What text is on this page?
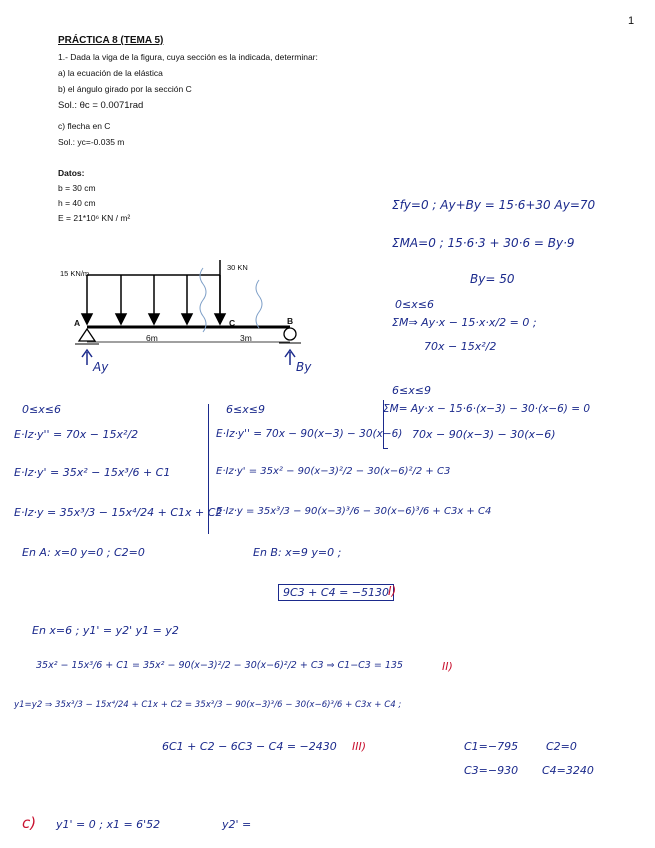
1
PRÁCTICA 8 (TEMA 5)
1.- Dada la viga de la figura, cuya sección es la indicada, determinar:
a) la ecuación de la elástica
b) el ángulo girado por la sección C
Sol.: θc = 0.0071rad
c) flecha en C
Sol.: yc=-0.035 m
Datos:
b = 30 cm
h = 40 cm
E = 21*10⁶ KN / m²
15 KN/m
30 KN
A	C	B
6m	3m
Ay	By
Σfy=0 ; Ay+By = 15·6+30 Ay=70
ΣMA=0 ; 15·6·3 + 30·6 = By·9
By= 50
0≤x≤6
ΣM⇒ Ay·x − 15·x·x/2 = 0 ;
70x − 15x²/2
6≤x≤9
ΣM= Ay·x − 15·6·(x−3) − 30·(x−6) = 0
70x − 90(x−3) − 30(x−6)
0≤x≤6
E·Iz·y'' = 70x − 15x²/2
E·Iz·y' = 35x² − 15x³/6 + C1
E·Iz·y = 35x³/3 − 15x⁴/24 + C1x + C2
6≤x≤9
E·Iz·y'' = 70x − 90(x−3) − 30(x−6)
E·Iz·y' = 35x² − 90(x−3)²/2 − 30(x−6)²/2 + C3
E·Iz·y = 35x³/3 − 90(x−3)³/6 − 30(x−6)³/6 + C3x + C4
En A: x=0 y=0 ; C2=0	En B: x=9 y=0 ;
9C3 + C4 = −5130 I)
En x=6 ; y1' = y2' y1 = y2
35x² − 15x³/6 + C1 = 35x² − 90(x−3)²/2 − 30(x−6)²/2 + C3 ⇒ C1−C3 = 135	II)
y1=y2 ⇒ 35x³/3 − 15x⁴/24 + C1x + C2 = 35x³/3 − 90(x−3)³/6 − 30(x−6)³/6 + C3x + C4 ;
6C1 + C2 − 6C3 − C4 = −2430 III)	C1=−795	C2=0
C3=−930 C4=3240
c) y1' = 0 ; x1 = 6'52	y2' =
